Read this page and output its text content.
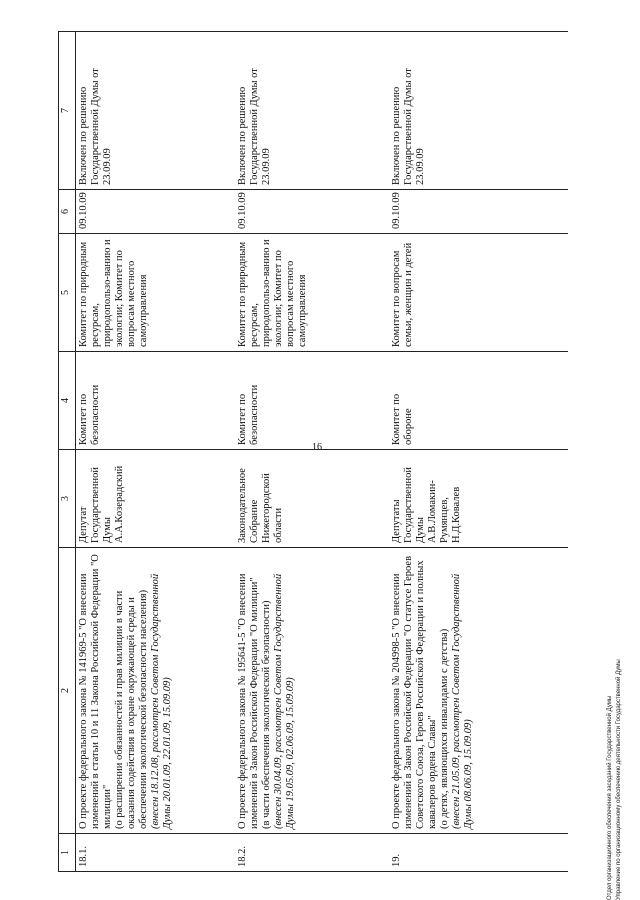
16
1	2	3	4	5	6	7
18.1.	О проекте федерального закона № 141969-5 "О внесении изменений в статьи 10 и 11 Закона Российской Федерации "О милиции" (о расширении обязанностей и прав милиции в части оказания содействия в охране окружающей среды и обеспечении экологической безопасности населения) (внесен 18.12.08, рассмотрен Советом Государственной Думы 20.01.09, 22.01.09, 15.09.09)	Депутат Государственной Думы А.А.Козерадский	Комитет по безопасности	Комитет по природным ресурсам, природопользо-ванию и экологии; Комитет по вопросам местного самоуправления	09.10.09	Включен по решению Государственной Думы от 23.09.09
18.2.	О проекте федерального закона № 195641-5 "О внесении изменений в Закон Российской Федерации "О милиции" (в части обеспечения экологической безопасности) (внесен 30.04.09, рассмотрен Советом Государственной Думы 19.05.09, 02.06.09, 15.09.09)	Законодательное Собрание Нижегородской области	Комитет по безопасности	Комитет по природным ресурсам, природопользо-ванию и экологии; Комитет по вопросам местного самоуправления	09.10.09	Включен по решению Государственной Думы от 23.09.09
19.	О проекте федерального закона № 204998-5 "О внесении изменений в Закон Российской Федерации "О статусе Героев Советского Союза, Героев Российской Федерации и полных кавалеров ордена Славы" (о детях, являющихся инвалидами с детства) (внесен 21.05.09, рассмотрен Советом Государственной Думы 08.06.09, 15.09.09)	Депутаты Государственной Думы А.В.Ломакин-Румянцев, Н.Д.Ковалев	Комитет по обороне	Комитет по вопросам семьи, женщин и детей	09.10.09	Включен по решению Государственной Думы от 23.09.09
Отдел организационного обеспечения заседаний Государственной Думы Управление по организационному обеспечению деятельности Государственной Думы
